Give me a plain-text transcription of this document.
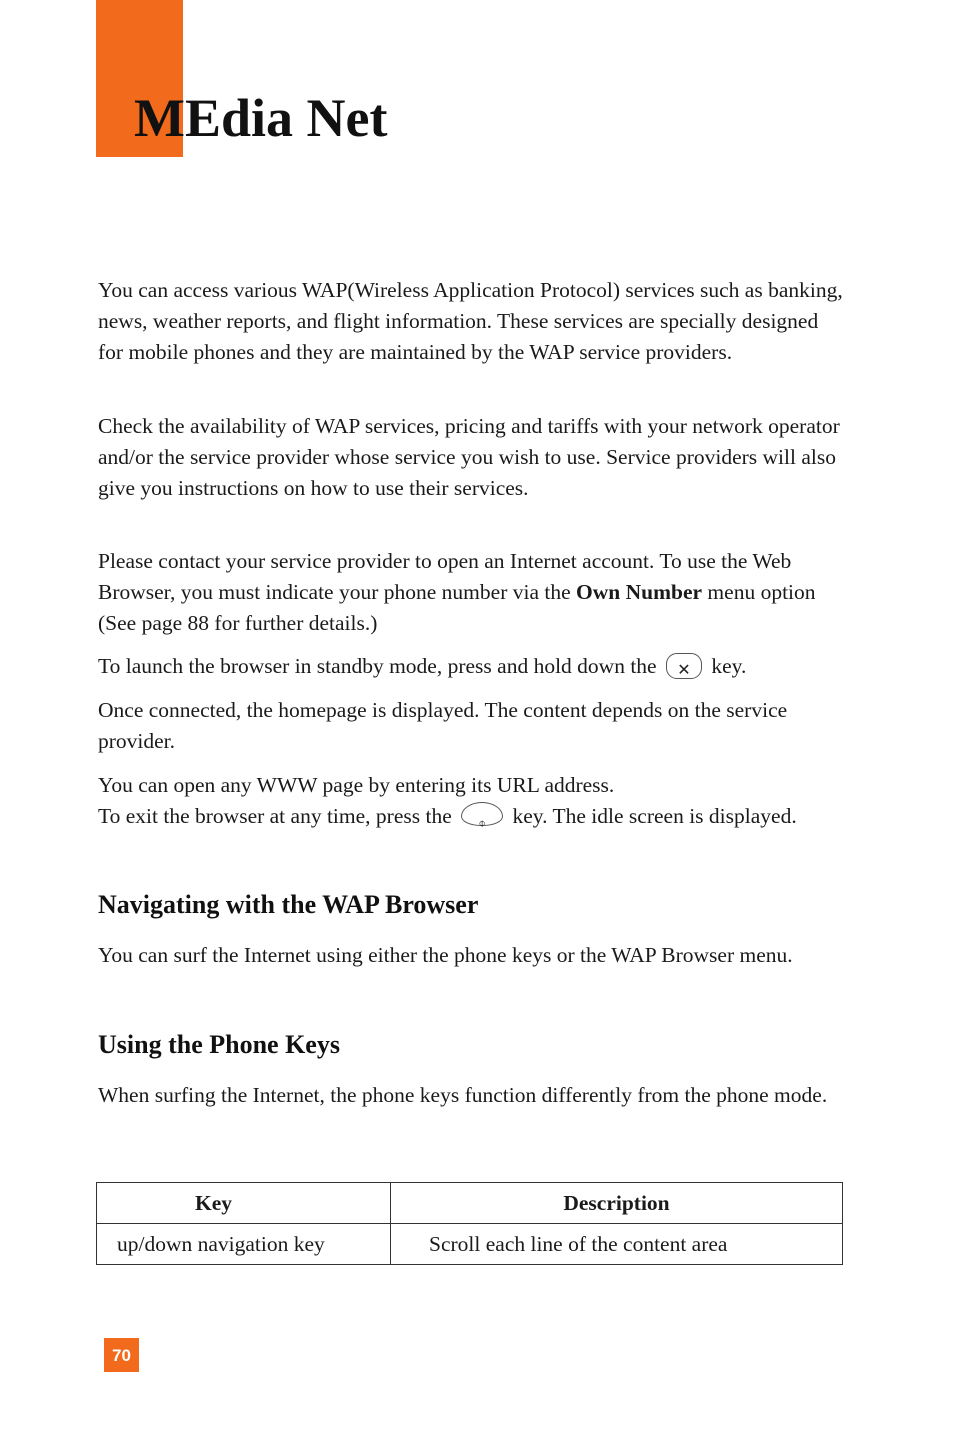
MEdia Net

You can access various WAP(Wireless Application Protocol) services such as banking, news, weather reports, and flight information. These services are specially designed for mobile phones and they are maintained by the WAP service providers.

Check the availability of WAP services, pricing and tariffs with your network operator and/or the service provider whose service you wish to use. Service providers will also give you instructions on how to use their services.

Please contact your service provider to open an Internet account. To use the Web Browser, you must indicate your phone number via the Own Number menu option (See page 88 for further details.)

To launch the browser in standby mode, press and hold down the ✕ key.

Once connected, the homepage is displayed. The content depends on the service provider.

You can open any WWW page by entering its URL address.
To exit the browser at any time, press the ⌽ key. The idle screen is displayed.

Navigating with the WAP Browser

You can surf the Internet using either the phone keys or the WAP Browser menu.

Using the Phone Keys

When surfing the Internet, the phone keys function differently from the phone mode.

Key	Description
up/down navigation key	Scroll each line of the content area
70
